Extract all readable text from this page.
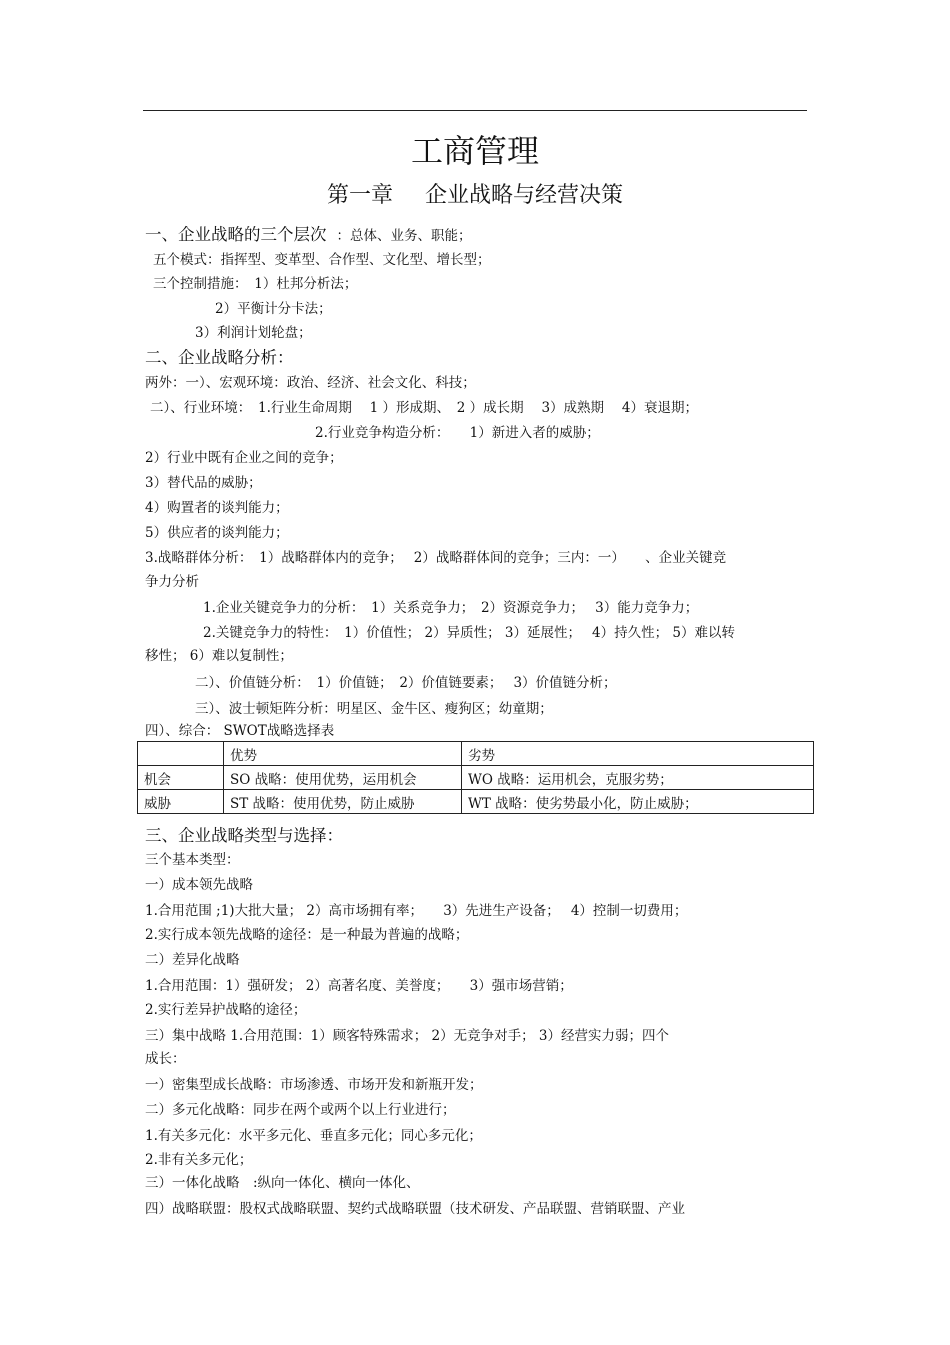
工商管理
第一章 企业战略与经营决策
一、企业战略的三个层次 ：总体、业务、职能；
五个模式：指挥型、变革型、合作型、文化型、增长型；
三个控制措施：　1）杜邦分析法；
2）平衡计分卡法；
3）利润计划轮盘；
二、企业战略分析：
两外：一）、宏观环境：政治、经济、社会文化、科技；
二）、行业环境：　1.行业生命周期　 1 ）形成期、　2 ）成长期　 3）成熟期　 4）衰退期；
2.行业竞争构造分析：　　1）新进入者的威胁；
2）行业中既有企业之间的竞争；
3）替代品的威胁；
4）购置者的谈判能力；
5）供应者的谈判能力；
3.战略群体分析：　1）战略群体内的竞争；　 2）战略群体间的竞争；三内：一）　　、企业关键竞
争力分析
1.企业关键竞争力的分析：　1）关系竞争力；　2）资源竞争力；　 3）能力竞争力；
2.关键竞争力的特性：　1）价值性； 2）异质性； 3）延展性；　 4）持久性； 5）难以转
移性； 6）难以复制性；
二）、价值链分析：　1）价值链；　2）价值链要素；　 3）价值链分析；
三）、波士顿矩阵分析：明星区、金牛区、瘦狗区；幼童期；
四）、综合： SWOT战略选择表
	优势	劣势
机会	SO 战略：使用优势，运用机会	WO 战略：运用机会，克服劣势；
威胁	ST 战略：使用优势，防止威胁	WT 战略：使劣势最小化，防止威胁；
三、企业战略类型与选择：
三个基本类型：
一）成本领先战略
1.合用范围 ;1)大批大量； 2）高市场拥有率；　　3）先进生产设备；　 4）控制一切费用；
2.实行成本领先战略的途径：是一种最为普遍的战略；
二）差异化战略
1.合用范围：1）强研发； 2）高著名度、美誉度；　　3）强市场营销；
2.实行差异护战略的途径；
三）集中战略 1.合用范围：1）顾客特殊需求； 2）无竞争对手； 3）经营实力弱；四个
成长：
一）密集型成长战略：市场渗透、市场开发和新瓶开发；
二）多元化战略：同步在两个或两个以上行业进行；
1.有关多元化：水平多元化、垂直多元化；同心多元化；
2.非有关多元化；
三）一体化战略　:纵向一体化、横向一体化、
四）战略联盟：股权式战略联盟、契约式战略联盟（技术研发、产品联盟、营销联盟、产业
